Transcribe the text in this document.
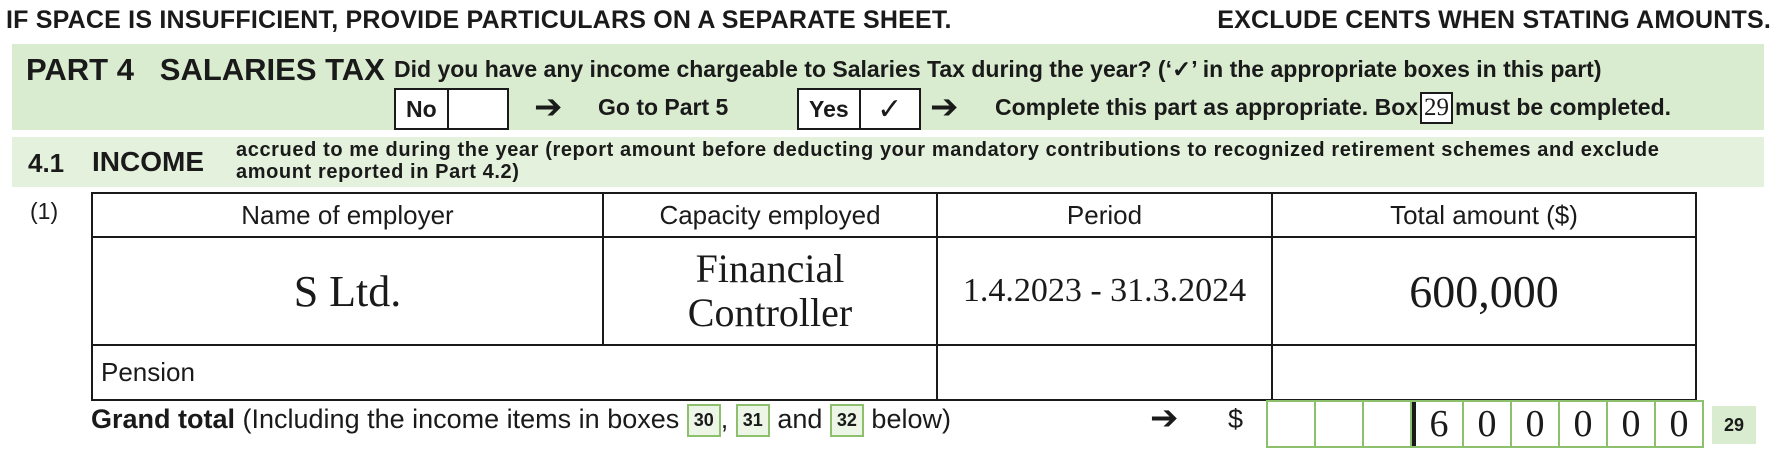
IF SPACE IS INSUFFICIENT, PROVIDE PARTICULARS ON A SEPARATE SHEET.	EXCLUDE CENTS WHEN STATING AMOUNTS.
PART 4   SALARIES TAX Did you have any income chargeable to Salaries Tax during the year? (‘✓’ in the appropriate boxes in this part)
No	➔ Go to Part 5	Yes ✓ ➔ Complete this part as appropriate. Box 29 must be completed.
4.1 INCOME accrued to me during the year (report amount before deducting your mandatory contributions to recognized retirement schemes and exclude amount reported in Part 4.2)
(1)	Name of employer	Capacity employed	Period	Total amount ($)
S Ltd.	Financial Controller	1.4.2023 - 31.3.2024	600,000
Pension			
Grand total (Including the income items in boxes 30 , 31 and 32 below)	➔ $	6 0 0 0 0 0	29
